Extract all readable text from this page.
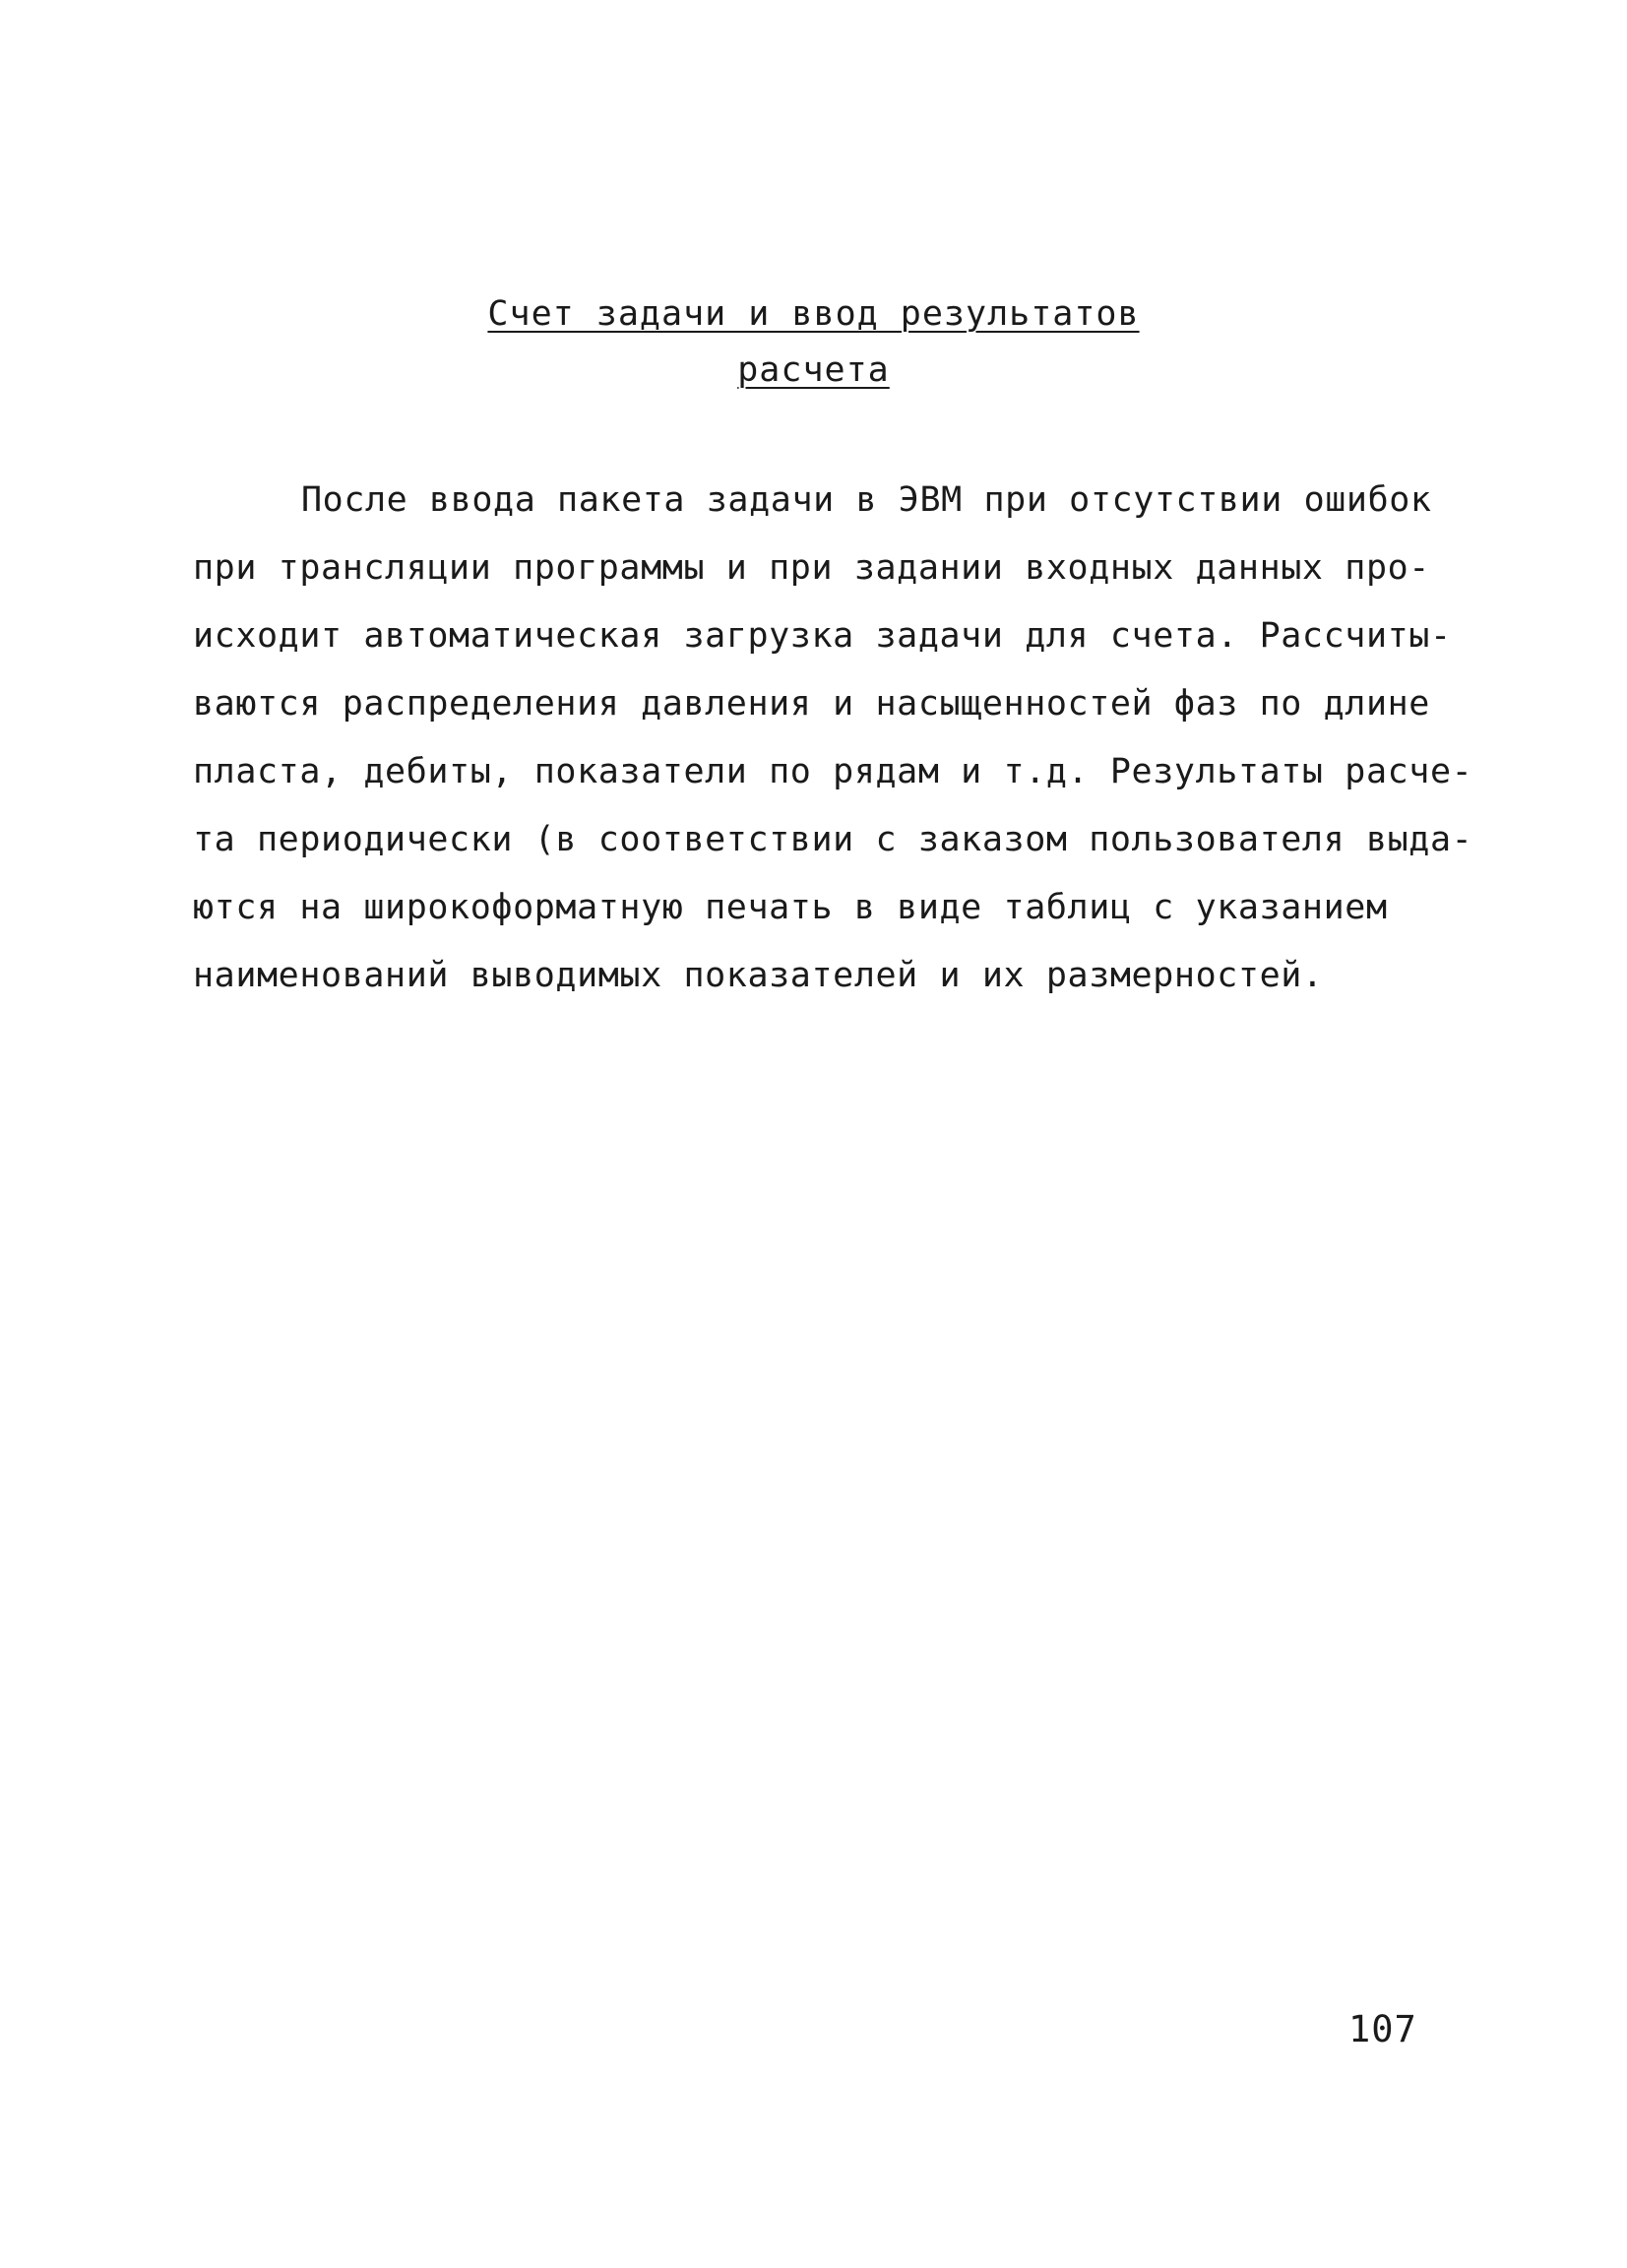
Счет задачи и ввод результатов
расчета
После ввода пакета задачи в ЭВМ при отсутствии ошибок
при трансляции программы и при задании входных данных про-
исходит автоматическая загрузка задачи для счета. Рассчиты-
ваются распределения давления и насыщенностей фаз по длине
пласта, дебиты, показатели по рядам и т.д. Результаты расче-
та периодически (в соответствии с заказом пользователя выда-
ются на широкоформатную печать в виде таблиц с указанием
наименований выводимых показателей и их размерностей.
107
